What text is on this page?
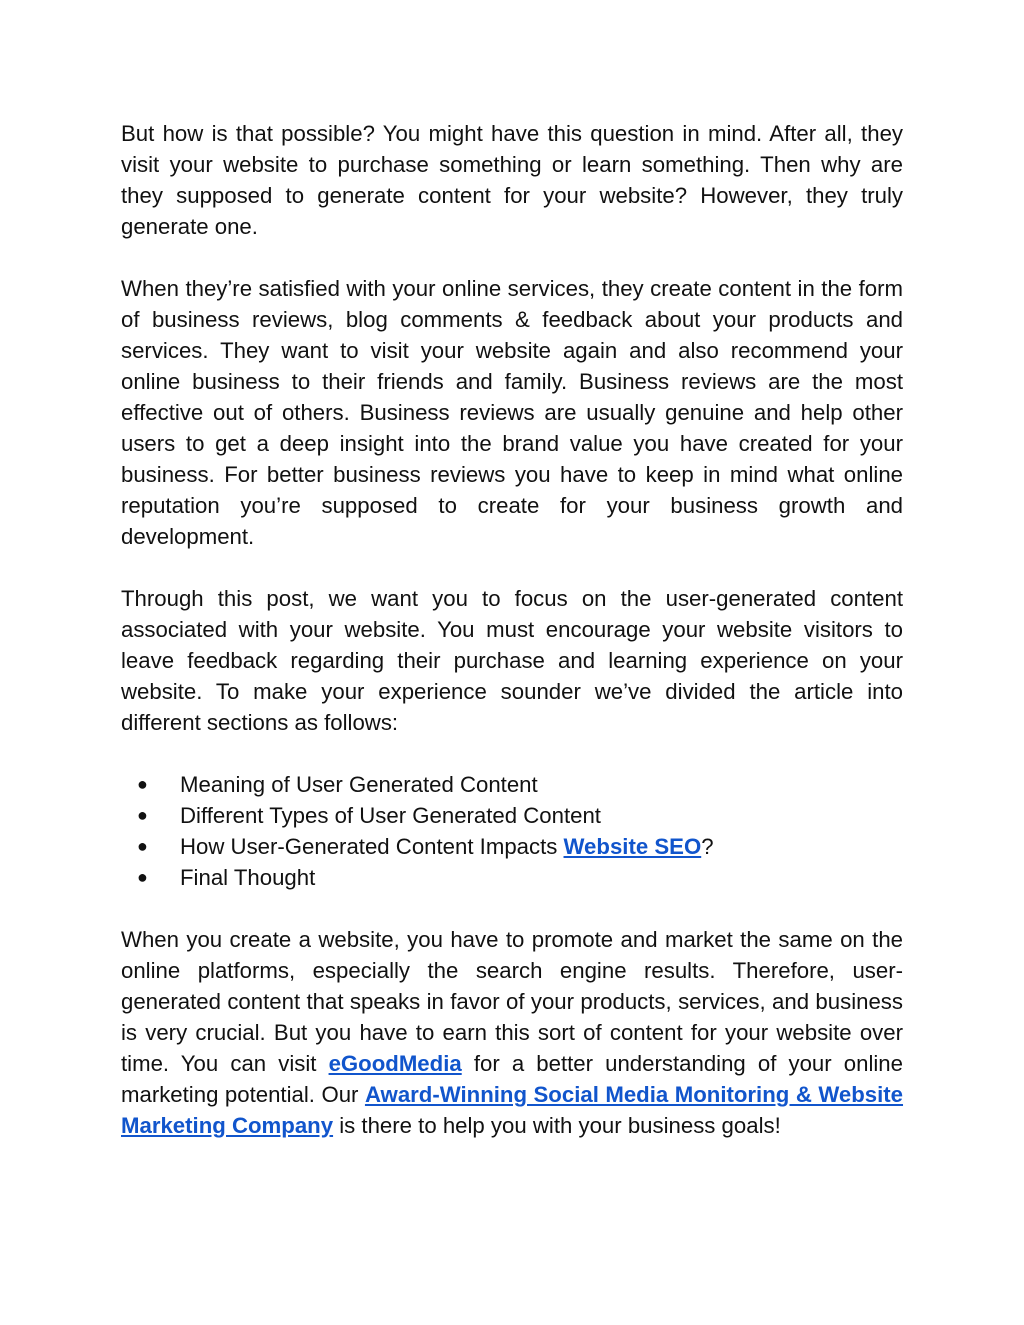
But how is that possible? You might have this question in mind. After all, they visit your website to purchase something or learn something. Then why are they supposed to generate content for your website? However, they truly generate one.

When they’re satisfied with your online services, they create content in the form of business reviews, blog comments & feedback about your products and services. They want to visit your website again and also recommend your online business to their friends and family. Business reviews are the most effective out of others. Business reviews are usually genuine and help other users to get a deep insight into the brand value you have created for your business. For better business reviews you have to keep in mind what online reputation you’re supposed to create for your business growth and development.

Through this post, we want you to focus on the user-generated content associated with your website. You must encourage your website visitors to leave feedback regarding their purchase and learning experience on your website. To make your experience sounder we’ve divided the article into different sections as follows:

●	Meaning of User Generated Content
●	Different Types of User Generated Content
●	How User-Generated Content Impacts Website SEO?
●	Final Thought

When you create a website, you have to promote and market the same on the online platforms, especially the search engine results. Therefore, user-generated content that speaks in favor of your products, services, and business is very crucial. But you have to earn this sort of content for your website over time. You can visit eGoodMedia for a better understanding of your online marketing potential. Our Award-Winning Social Media Monitoring & Website Marketing Company is there to help you with your business goals!
